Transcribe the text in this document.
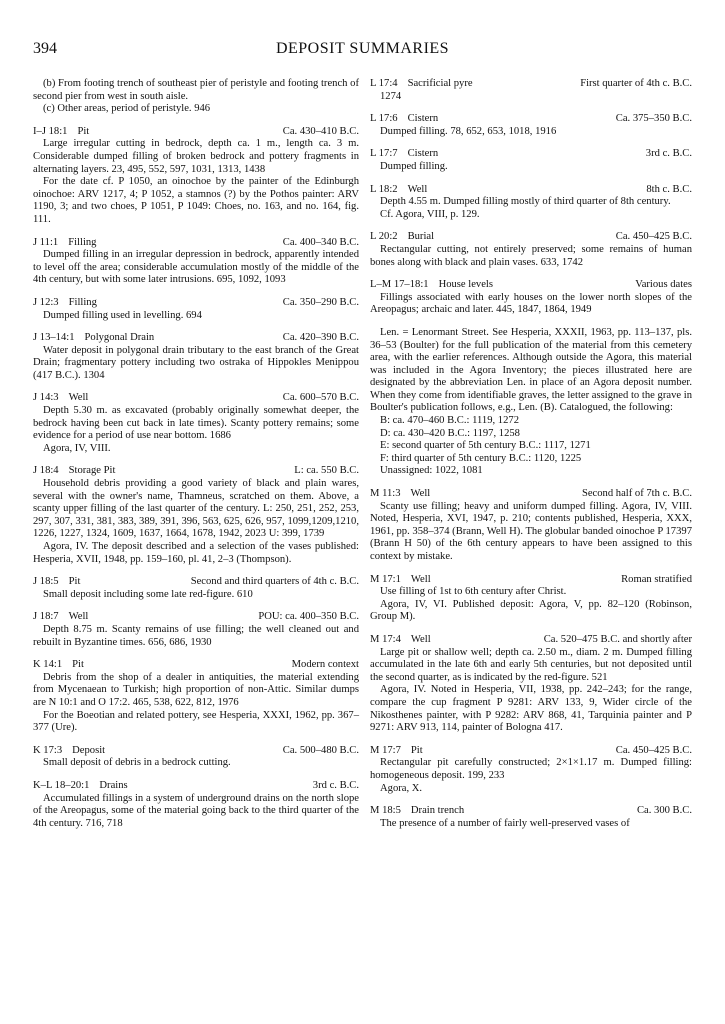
394	DEPOSIT SUMMARIES

(b) From footing trench of southeast pier of peristyle and footing trench of second pier from west in south aisle.

(c) Other areas, period of peristyle. 946

I–J 18:1 Pit	Ca. 430–410 B.C.

Large irregular cutting in bedrock, depth ca. 1 m., length ca. 3 m. Considerable dumped filling of broken bedrock and pottery fragments in alternating layers. 23, 495, 552, 597, 1031, 1313, 1438

For the date cf. P 1050, an oinochoe by the painter of the Edinburgh oinochoe: ARV 1217, 4; P 1052, a stamnos (?) by the Pothos painter: ARV 1190, 3; and two choes, P 1051, P 1049: Choes, no. 163, and no. 164, fig. 111.

J 11:1 Filling	Ca. 400–340 B.C.

Dumped filling in an irregular depression in bedrock, apparently intended to level off the area; considerable accumulation mostly of the middle of the 4th century, but with some later intrusions. 695, 1092, 1093

J 12:3 Filling	Ca. 350–290 B.C.

Dumped filling used in levelling. 694

J 13–14:1 Polygonal Drain	Ca. 420–390 B.C.

Water deposit in polygonal drain tributary to the east branch of the Great Drain; fragmentary pottery including two ostraka of Hippokles Menippou (417 B.C.). 1304

J 14:3 Well	Ca. 600–570 B.C.

Depth 5.30 m. as excavated (probably originally somewhat deeper, the bedrock having been cut back in late times). Scanty pottery remains; some evidence for a period of use near bottom. 1686

Agora, IV, VIII.

J 18:4 Storage Pit	L: ca. 550 B.C.

Household debris providing a good variety of black and plain wares, several with the owner's name, Thamneus, scratched on them. Above, a scanty upper filling of the last quarter of the century. L: 250, 251, 252, 253, 297, 307, 331, 381, 383, 389, 391, 396, 563, 625, 626, 957, 1099,1209,1210, 1226, 1227, 1324, 1609, 1637, 1664, 1678, 1942, 2023 U: 399, 1739

Agora, IV. The deposit described and a selection of the vases published: Hesperia, XVII, 1948, pp. 159–160, pl. 41, 2–3 (Thompson).

J 18:5 Pit	Second and third quarters of 4th c. B.C.

Small deposit including some late red-figure. 610

J 18:7 Well	POU: ca. 400–350 B.C.

Depth 8.75 m. Scanty remains of use filling; the well cleaned out and rebuilt in Byzantine times. 656, 686, 1930

K 14:1 Pit	Modern context

Debris from the shop of a dealer in antiquities, the material extending from Mycenaean to Turkish; high proportion of non-Attic. Similar dumps are N 10:1 and O 17:2. 465, 538, 622, 812, 1976

For the Boeotian and related pottery, see Hesperia, XXXI, 1962, pp. 367–377 (Ure).

K 17:3 Deposit	Ca. 500–480 B.C.

Small deposit of debris in a bedrock cutting.

K–L 18–20:1 Drains	3rd c. B.C.

Accumulated fillings in a system of underground drains on the north slope of the Areopagus, some of the material going back to the third quarter of the 4th century. 716, 718

L 17:4 Sacrificial pyre	First quarter of 4th c. B.C.

1274

L 17:6 Cistern	Ca. 375–350 B.C.

Dumped filling. 78, 652, 653, 1018, 1916

L 17:7 Cistern	3rd c. B.C.

Dumped filling.

L 18:2 Well	8th c. B.C.

Depth 4.55 m. Dumped filling mostly of third quarter of 8th century.

Cf. Agora, VIII, p. 129.

L 20:2 Burial	Ca. 450–425 B.C.

Rectangular cutting, not entirely preserved; some remains of human bones along with black and plain vases. 633, 1742

L–M 17–18:1 House levels	Various dates

Fillings associated with early houses on the lower north slopes of the Areopagus; archaic and later. 445, 1847, 1864, 1949

Len. = Lenormant Street. See Hesperia, XXXII, 1963, pp. 113–137, pls. 36–53 (Boulter) for the full publication of the material from this cemetery area, with the earlier references. Although outside the Agora, this material was included in the Agora Inventory; the pieces illustrated here are designated by the abbreviation Len. in place of an Agora deposit number. When they come from identifiable graves, the letter assigned to the grave in Boulter's publication follows, e.g., Len. (B). Catalogued, the following:

B: ca. 470–460 B.C.: 1119, 1272
D: ca. 430–420 B.C.: 1197, 1258
E: second quarter of 5th century B.C.: 1117, 1271
F: third quarter of 5th century B.C.: 1120, 1225
Unassigned: 1022, 1081
M 11:3 Well	Second half of 7th c. B.C.

Scanty use filling; heavy and uniform dumped filling. Agora, IV, VIII. Noted, Hesperia, XVI, 1947, p. 210; contents published, Hesperia, XXX, 1961, pp. 358–374 (Brann, Well H). The globular banded oinochoe P 17397 (Brann H 50) of the 6th century appears to have been assigned to this context by mistake.

M 17:1 Well	Roman stratified

Use filling of 1st to 6th century after Christ.

Agora, IV, VI. Published deposit: Agora, V, pp. 82–120 (Robinson, Group M).

M 17:4 Well	Ca. 520–475 B.C. and shortly after

Large pit or shallow well; depth ca. 2.50 m., diam. 2 m. Dumped filling accumulated in the late 6th and early 5th centuries, but not deposited until the second quarter, as is indicated by the red-figure. 521

Agora, IV. Noted in Hesperia, VII, 1938, pp. 242–243; for the range, compare the cup fragment P 9281: ARV 133, 9, Wider circle of the Nikosthenes painter, with P 9282: ARV 868, 41, Tarquinia painter and P 9271: ARV 913, 114, painter of Bologna 417.

M 17:7 Pit	Ca. 450–425 B.C.

Rectangular pit carefully constructed; 2×1×1.17 m. Dumped filling: homogeneous deposit. 199, 233

Agora, X.

M 18:5 Drain trench	Ca. 300 B.C.

The presence of a number of fairly well-preserved vases of
